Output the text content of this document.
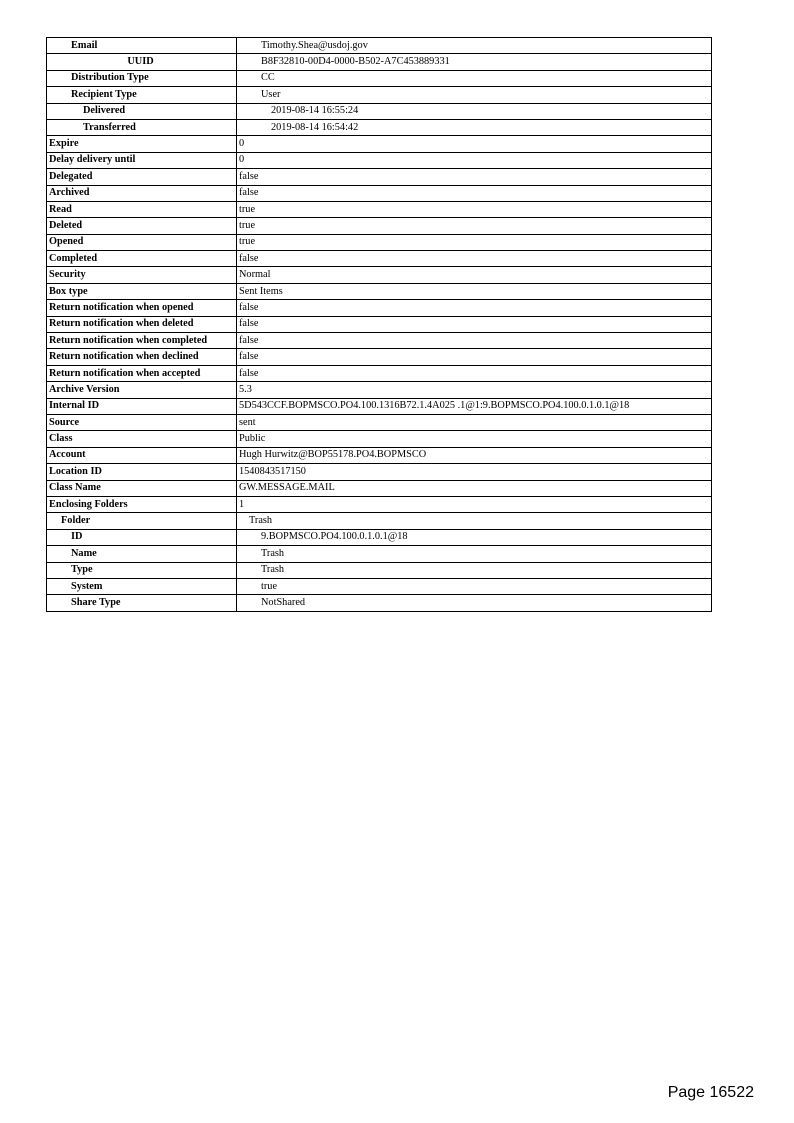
Email	Timothy.Shea@usdoj.gov
UUID	B8F32810-00D4-0000-B502-A7C453889331
Distribution Type	CC
Recipient Type	User
Delivered	2019-08-14 16:55:24
Transferred	2019-08-14 16:54:42
Expire	0
Delay delivery until	0
Delegated	false
Archived	false
Read	true
Deleted	true
Opened	true
Completed	false
Security	Normal
Box type	Sent Items
Return notification when opened	false
Return notification when deleted	false
Return notification when completed	false
Return notification when declined	false
Return notification when accepted	false
Archive Version	5.3
Internal ID	5D543CCF.BOPMSCO.PO4.100.1316B72.1.4A025 .1@1:9.BOPMSCO.PO4.100.0.1.0.1@18
Source	sent
Class	Public
Account	Hugh Hurwitz@BOP55178.PO4.BOPMSCO
Location ID	1540843517150
Class Name	GW.MESSAGE.MAIL
Enclosing Folders	1
Folder	Trash
ID	9.BOPMSCO.PO4.100.0.1.0.1@18
Name	Trash
Type	Trash
System	true
Share Type	NotShared
Page 16522
